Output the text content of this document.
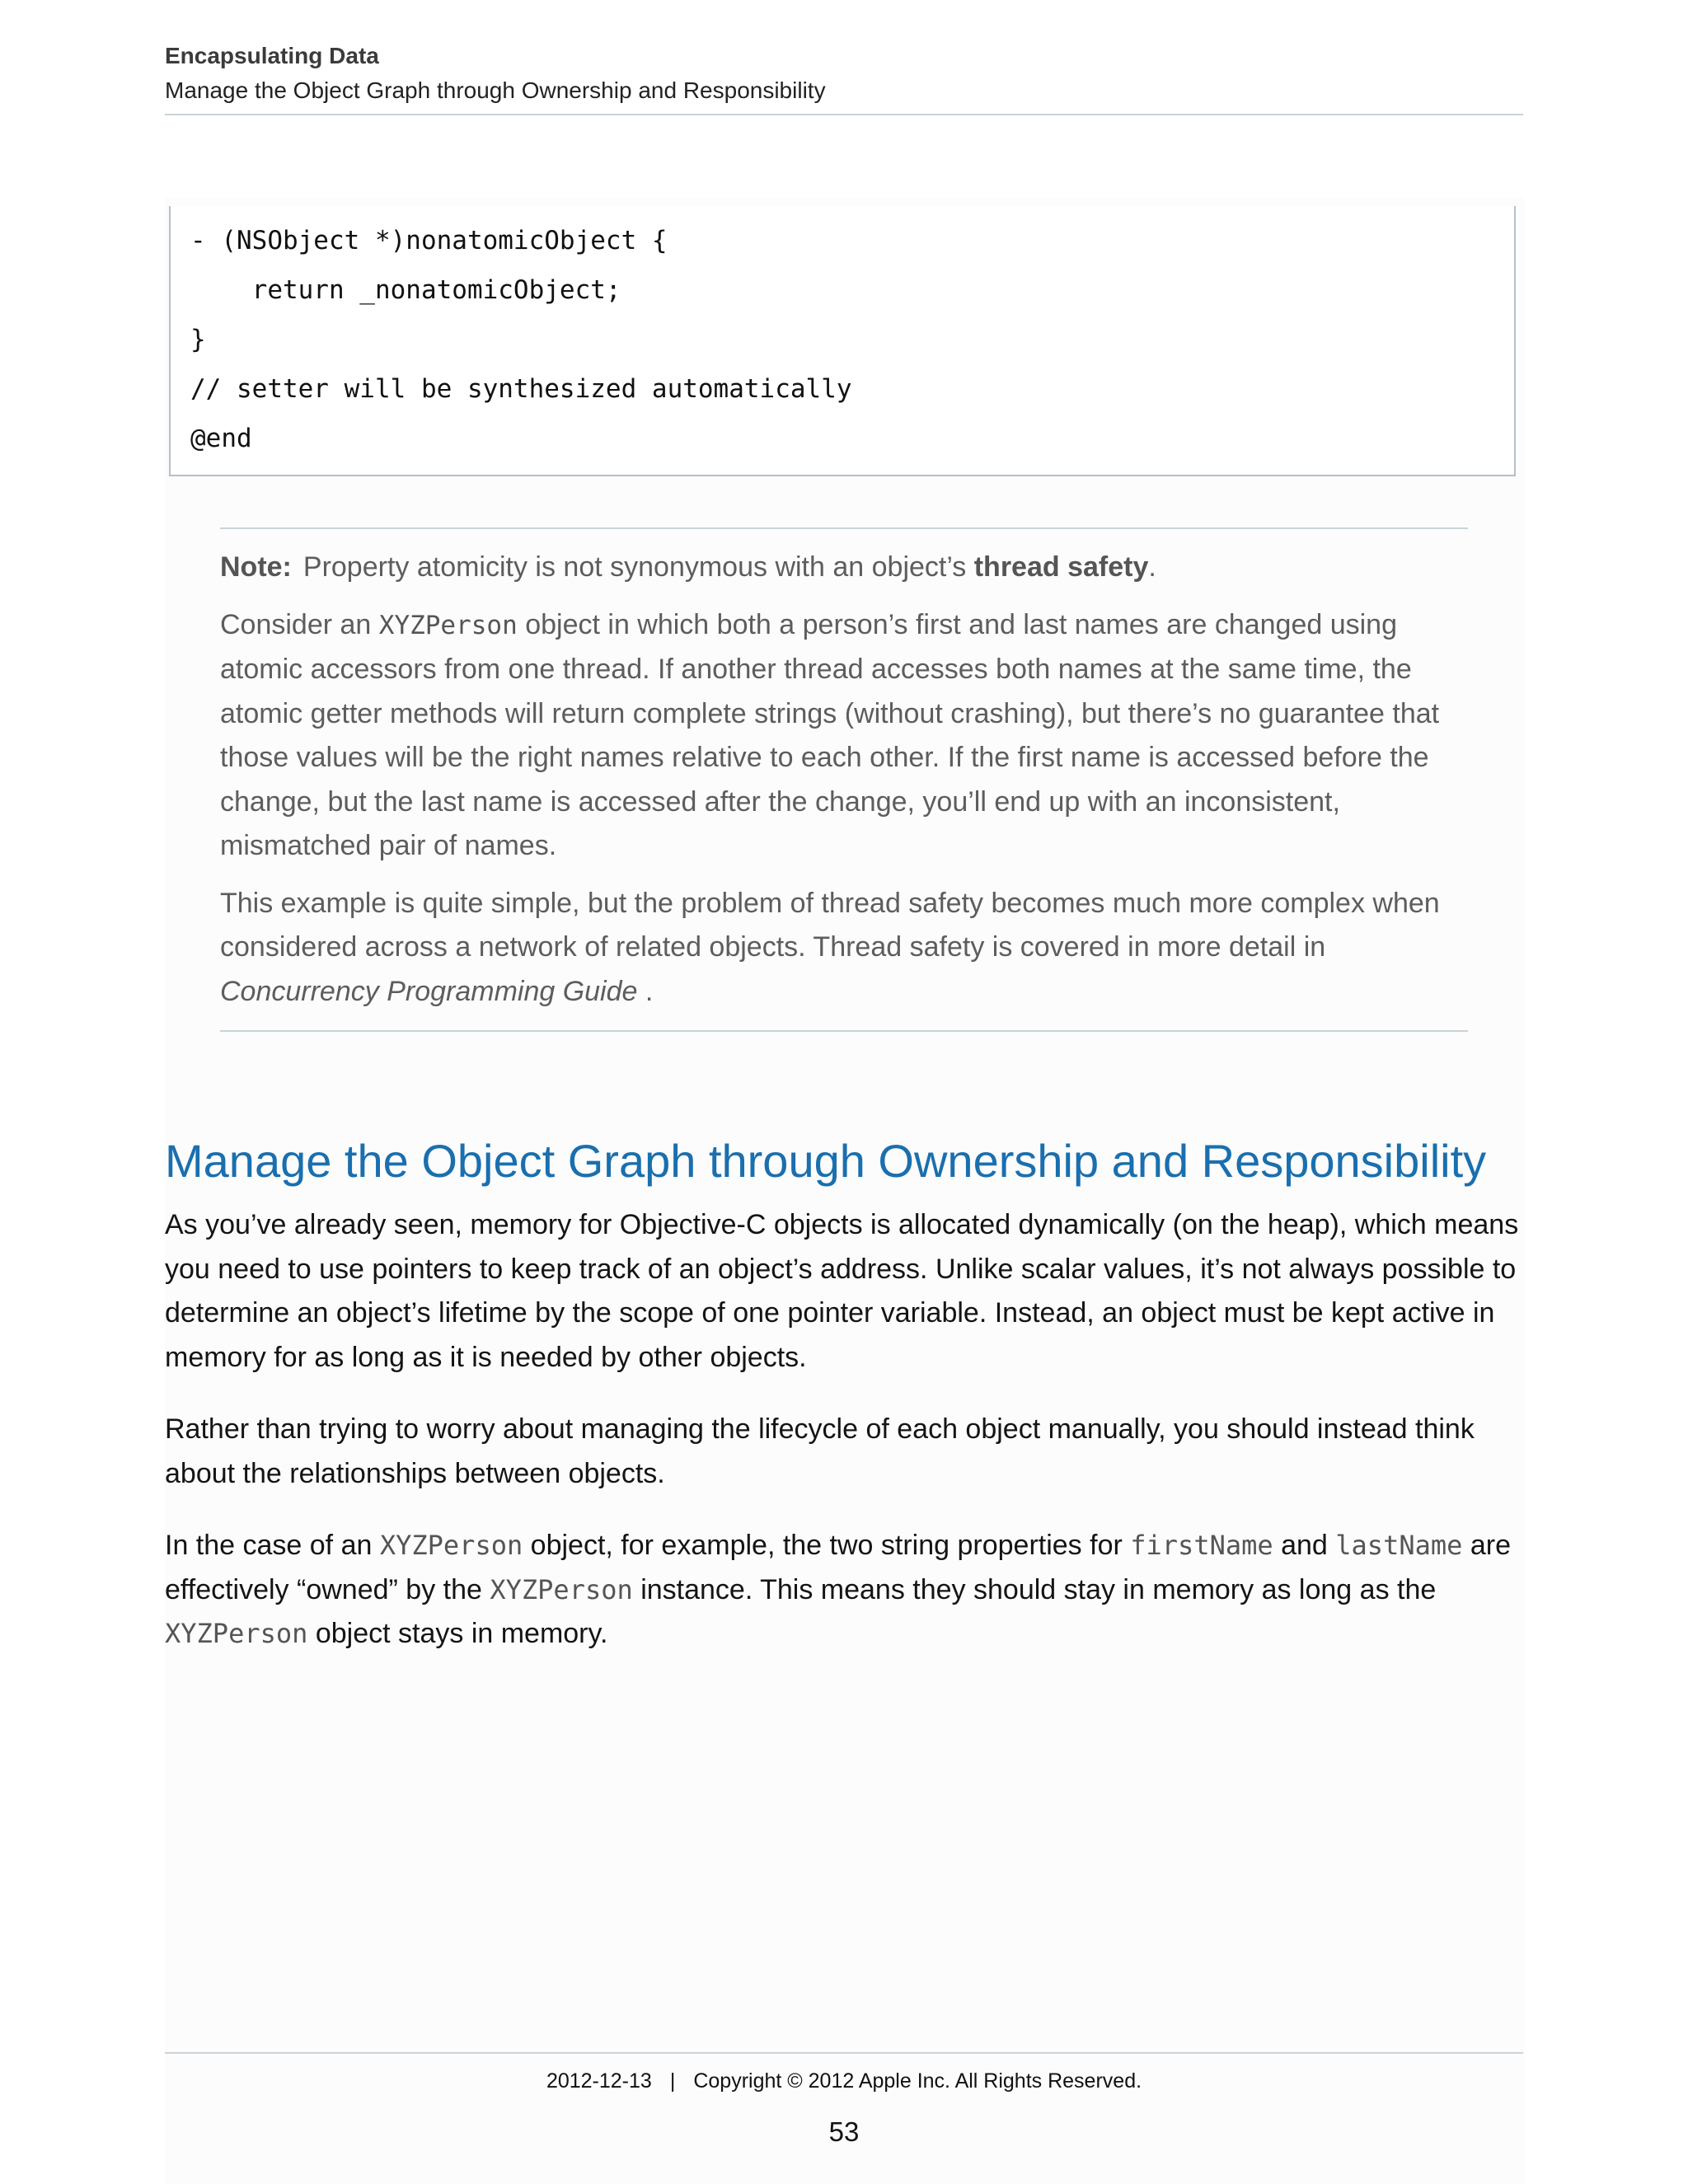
Encapsulating Data
Manage the Object Graph through Ownership and Responsibility
- (NSObject *)nonatomicObject {
return _nonatomicObject;
}
// setter will be synthesized automatically
@end

Note: Property atomicity is not synonymous with an object’s thread safety.

Consider an XYZPerson object in which both a person’s first and last names are changed using atomic accessors from one thread. If another thread accesses both names at the same time, the atomic getter methods will return complete strings (without crashing), but there’s no guarantee that those values will be the right names relative to each other. If the first name is accessed before the change, but the last name is accessed after the change, you’ll end up with an inconsistent, mismatched pair of names.

This example is quite simple, but the problem of thread safety becomes much more complex when considered across a network of related objects. Thread safety is covered in more detail in Concurrency Programming Guide .

Manage the Object Graph through Ownership and Responsibility

As you’ve already seen, memory for Objective-C objects is allocated dynamically (on the heap), which means you need to use pointers to keep track of an object’s address. Unlike scalar values, it’s not always possible to determine an object’s lifetime by the scope of one pointer variable. Instead, an object must be kept active in memory for as long as it is needed by other objects.

Rather than trying to worry about managing the lifecycle of each object manually, you should instead think about the relationships between objects.

In the case of an XYZPerson object, for example, the two string properties for firstName and lastName are effectively “owned” by the XYZPerson instance. This means they should stay in memory as long as the XYZPerson object stays in memory.

2012-12-13 | Copyright © 2012 Apple Inc. All Rights Reserved.
53
